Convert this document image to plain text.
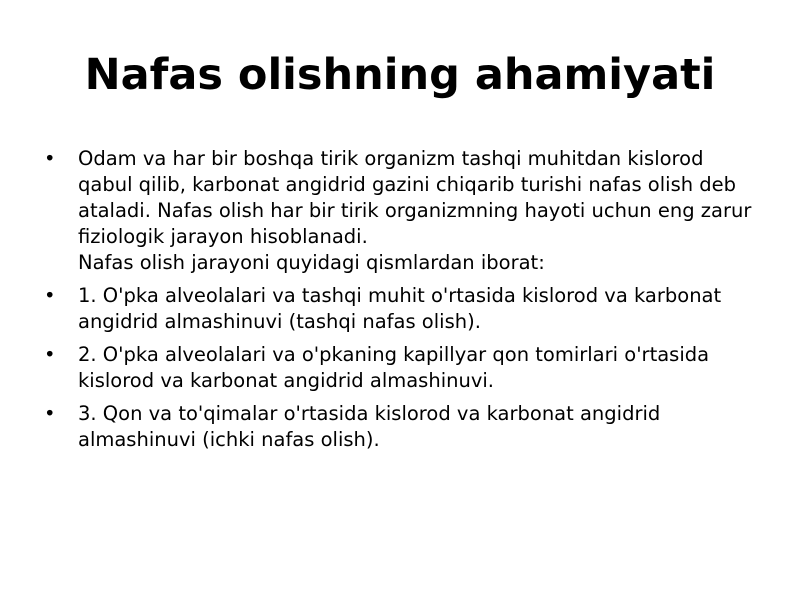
Nafas olishning ahamiyati
•	Odam va har bir boshqa tirik organizm tashqi muhitdan kislorod qabul qilib, karbonat angidrid gazini chiqarib turishi nafas olish deb ataladi. Nafas olish har bir tirik organizmning hayoti uchun eng zarur fiziologik jarayon hisoblanadi.
Nafas olish jarayoni quyidagi qismlardan iborat:
•	1. O'pka alveolalari va tashqi muhit o'rtasida kislorod va karbonat angidrid almashinuvi (tashqi nafas olish).
•	2. O'pka alveolalari va o'pkaning kapillyar qon tomirlari o'rtasida kislorod va karbonat angidrid almashinuvi.
•	3. Qon va to'qimalar o'rtasida kislorod va karbonat angidrid almashinuvi (ichki nafas olish).
